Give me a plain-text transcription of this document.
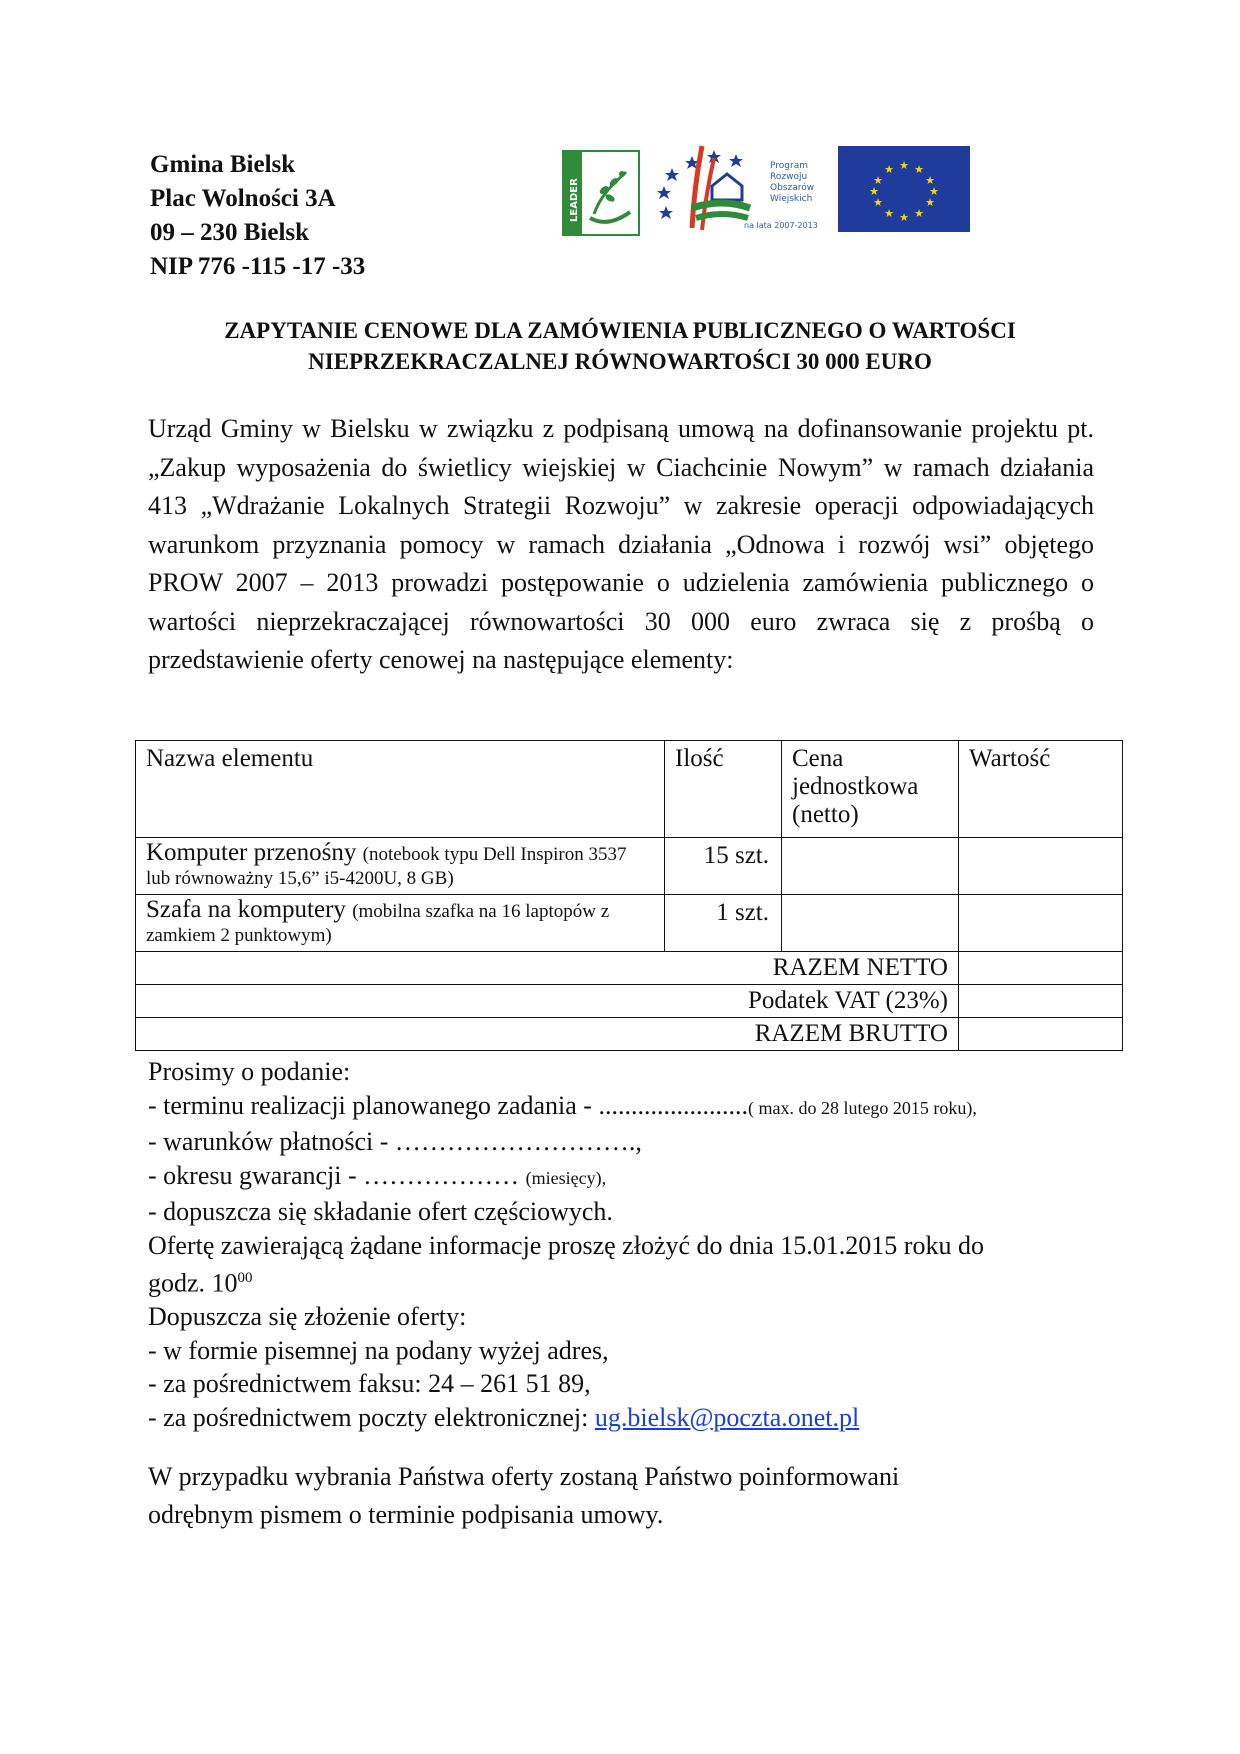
Gmina Bielsk
Plac Wolności 3A
09 – 230 Bielsk
NIP 776 -115 -17 -33
LEADER
Program
Rozwoju
Obszarów
Wiejskich
na lata 2007-2013
★ ★
★
★
★
★
★
★
★
★
★
★
ZAPYTANIE CENOWE DLA ZAMÓWIENIA PUBLICZNEGO O WARTOŚCI
NIEPRZEKRACZALNEJ RÓWNOWARTOŚCI 30 000 EURO
Urząd Gminy w Bielsku w związku z podpisaną umową na dofinansowanie projektu pt. „Zakup wyposażenia do świetlicy wiejskiej w Ciachcinie Nowym” w ramach działania 413 „Wdrażanie Lokalnych Strategii Rozwoju” w zakresie operacji odpowiadających warunkom przyznania pomocy w ramach działania „Odnowa i rozwój wsi” objętego PROW 2007 – 2013 prowadzi postępowanie o udzielenia zamówienia publicznego o wartości nieprzekraczającej równowartości 30 000 euro zwraca się z prośbą o przedstawienie oferty cenowej na następujące elementy:
Nazwa elementu	Ilość	Cena jednostkowa (netto)	Wartość
Komputer przenośny (notebook typu Dell Inspiron 3537 lub równoważny 15,6” i5-4200U, 8 GB)	15 szt.		
Szafa na komputery (mobilna szafka na 16 laptopów z zamkiem 2 punktowym)	1 szt.		
RAZEM NETTO			
Podatek VAT (23%)			
RAZEM BRUTTO			
Prosimy o podanie:
- terminu realizacji planowanego zadania - .......................( max. do 28 lutego 2015 roku),
- warunków płatności - ……………………….,
- okresu gwarancji - ……………… (miesięcy),
- dopuszcza się składanie ofert częściowych.
Ofertę zawierającą żądane informacje proszę złożyć do dnia 15.01.2015 roku do
godz. $10^{00}$
Dopuszcza się złożenie oferty:
- w formie pisemnej na podany wyżej adres,
- za pośrednictwem faksu: 24 – 261 51 89,
- za pośrednictwem poczty elektronicznej: ug.bielsk@poczta.onet.pl
W przypadku wybrania Państwa oferty zostaną Państwo poinformowani
odrębnym pismem o terminie podpisania umowy.
